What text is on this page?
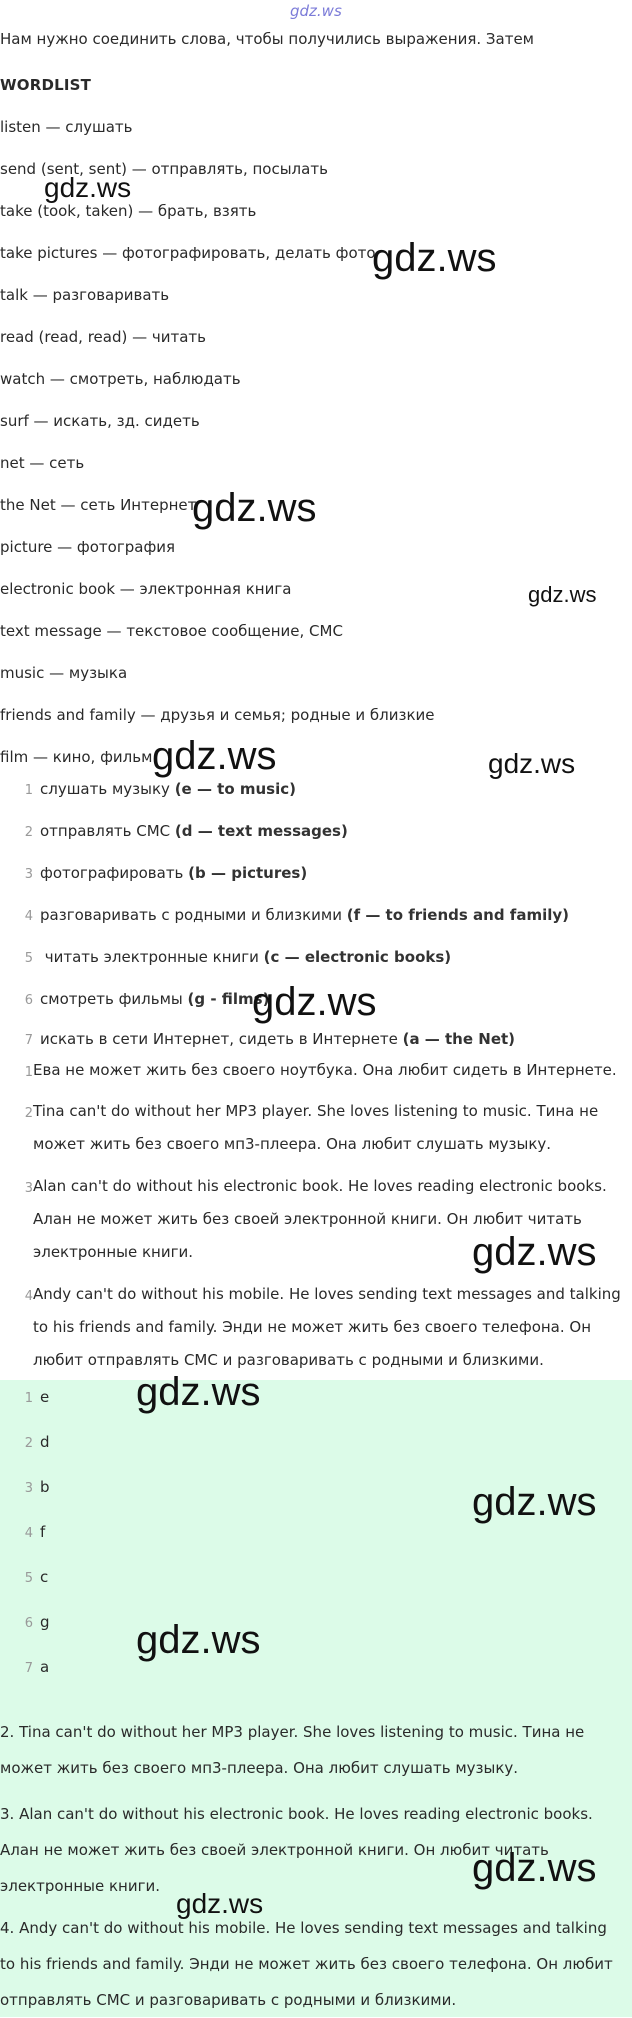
gdz.ws
Нам нужно соединить слова, чтобы получились выражения. Затем
WORDLIST
listen — слушать
send (sent, sent) — отправлять, посылать
take (took, taken) — брать, взять
take pictures — фотографировать, делать фото
talk — разговаривать
read (read, read) — читать
watch — смотреть, наблюдать
surf — искать, зд. сидеть
net — сеть
the Net — сеть Интернет
picture — фотография
electronic book — электронная книга
text message — текстовое сообщение, СМС
music — музыка
friends and family — друзья и семья; родные и близкие
film — кино, фильм
1 слушать музыку (e — to music)
2 отправлять СМС (d — text messages)
3 фотографировать (b — pictures)
4 разговаривать с родными и близкими (f — to friends and family)
5 читать электронные книги (c — electronic books)
6 смотреть фильмы (g - films)
7 искать в сети Интернет, сидеть в Интернете (a — the Net)
1 Ева не может жить без своего ноутбука. Она любит сидеть в Интернете.
2 Tina can't do without her MP3 player. She loves listening to music. Тина не может жить без своего мп3-плеера. Она любит слушать музыку.
3 Alan can't do without his electronic book. He loves reading electronic books. Алан не может жить без своей электронной книги. Он любит читать электронные книги.
4 Andy can't do without his mobile. He loves sending text messages and talking to his friends and family. Энди не может жить без своего телефона. Он любит отправлять СМС и разговаривать с родными и близкими.
1 e
2 d
3 b
4 f
5 c
6 g
7 a
2. Tina can't do without her MP3 player. She loves listening to music. Тина не может жить без своего мп3-плеера. Она любит слушать музыку.
3. Alan can't do without his electronic book. He loves reading electronic books. Алан не может жить без своей электронной книги. Он любит читать электронные книги.
4. Andy can't do without his mobile. He loves sending text messages and talking to his friends and family. Энди не может жить без своего телефона. Он любит отправлять СМС и разговаривать с родными и близкими.
gdz.ws
gdz.ws
gdz.ws
gdz.ws
gdz.ws	gdz.ws
gdz.ws
gdz.ws
gdz.ws
gdz.ws
gdz.ws
gdz.ws
gdz.ws
